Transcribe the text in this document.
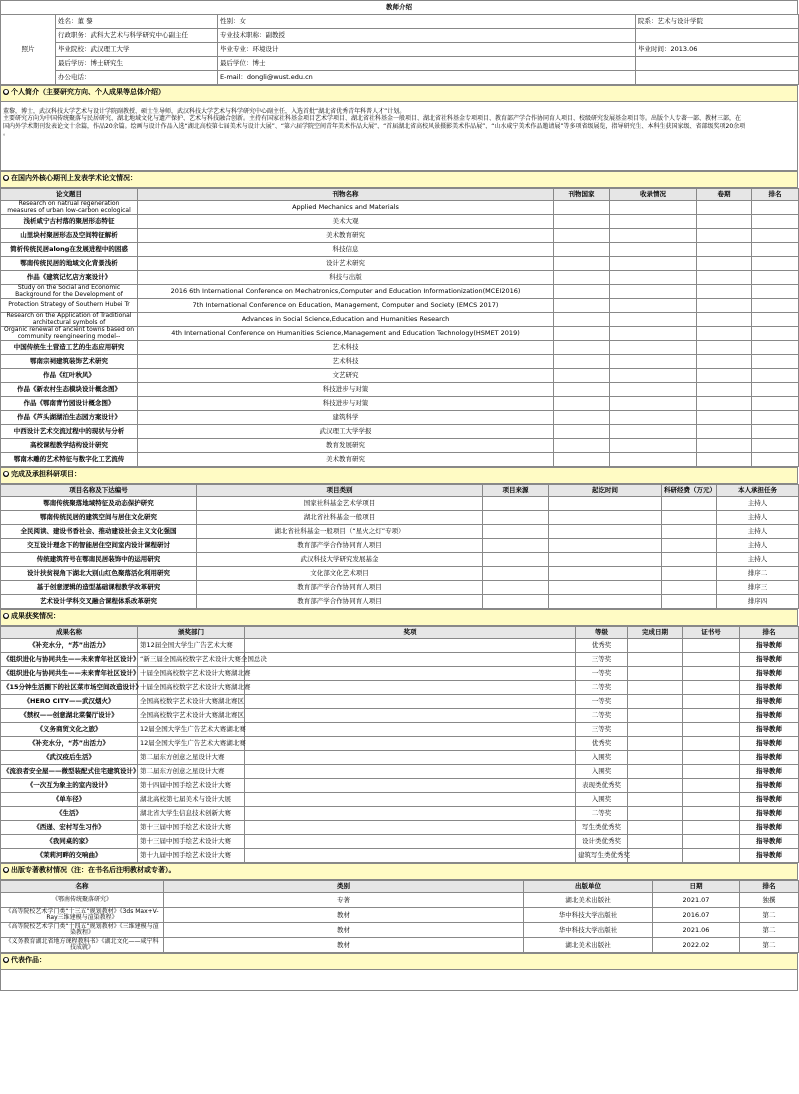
教师介绍
照片	姓名：董 黎	性别：女	院系：艺术与设计学院
	行政职务：武科大艺术与科学研究中心副主任	专业技术职称：副教授	
	毕业院校：武汉理工大学	毕业专业：环境设计	毕业时间：2013.06
	最后学历：博士研究生	最后学位：博士	
	办公电话：	E-mail：dongli@wust.edu.cn	
● 个人简介（主要研究方向、个人成果等总体介绍）

董黎，博士，武汉科技大学艺术与设计学院副教授、硕士生导师，武汉科技大学艺术与科学研究中心副主任，入选首批“湖北省优秀青年科普人才”计划。

主要研究方向为中国传统聚落与民居研究、湖北地域文化与遗产保护、艺术与科技融合创新。主持有国家社科基金项目艺术学项目、湖北省社科基金一般项目、湖北省社科基金专项项目、教育部产学合作协同育人项目、校级研究发展基金项目等。出版个人专著一部、教材三部，在

国内外学术期刊发表论文十余篇，作品20余篇。绘画与设计作品入选“湖北高校第七届美术与设计大展”、“第六届学院空间青年美术作品大展”、“首届湖北省高校风景摄影美术作品展”、“山水咸宁美术作品邀请展”等多项省级展览，指导研究生、本科生获国家级、省部级奖项20余项

。

● 在国内外核心期刊上发表学术论文情况：
论文题目	刊物名称	刊物国家	收录情况	卷期	排名
Research on natrual regeneration measures of urban low-carbon ecological	Applied Mechanics and Materials				
浅析咸宁古村落的聚居形态特征	美术大观				
山里块村聚居形态及空间特征解析	美术教育研究				
简析传统民居along在发展进程中的困惑	科技信息				
鄂南传统民居的地域文化背景浅析	设计艺术研究				
作品《建筑记忆店方案设计》	科技与出版				
Study on the Social and Economic Background for the Development of	2016 6th International Conference on Mechatronics,Computer and Education Informationization(MCEI2016)				
Protection Strategy of Southern Hubei Tr	7th International Conference on Education, Management, Computer and Society (EMCS 2017)				
Research on the Application of Traditional architectural symbols of	Advances in Social Science,Education and Humanities Research				
Organic renewal of ancient towns based on community reengineering model--	4th International Conference on Humanities Science,Management and Education Technology(HSMET 2019)				
中国传统生土营造工艺的生态应用研究	艺术科技				
鄂南宗祠建筑装饰艺术研究	艺术科技				
作品《红叶秋风》	文艺研究				
作品《新农村生态模块设计概念图》	科技进步与对策				
作品《鄂南青竹园设计概念图》	科技进步与对策				
作品《芦头湖湖泊生态园方案设计》	建筑科学				
中西设计艺术交流过程中的现状与分析	武汉理工大学学报				
高校课程教学结构设计研究	教育发展研究				
鄂南木雕的艺术特征与数字化工艺流传	美术教育研究				
● 完成及承担科研项目：
项目名称及下达编号	项目类别	项目来源	起讫时间	科研经费（万元）	本人承担任务
鄂南传统聚落地域特征及动态保护研究	国家社科基金艺术学项目				主持人
鄂南传统民居的建筑空间与居住文化研究	湖北省社科基金一般项目				主持人
全民阅读、建设书香社会、推动建设社会主义文化强国	湖北省社科基金一般项目（“星火之灯”专项）				主持人
交互设计理念下的智能居住空间室内设计课程研讨	教育部产学合作协同育人项目				主持人
传统建筑符号在鄂南民居装饰中的运用研究	武汉科技大学研究发展基金				主持人
设计扶贫视角下湖北大别山红色聚落活化利用研究	文化部文化艺术项目				排序二
基于创意逻辑的造型基础课程教学改革研究	教育部产学合作协同育人项目				排序三
艺术设计学科交叉融合课程体系改革研究	教育部产学合作协同育人项目				排序四
● 成果获奖情况：
成果名称	颁奖部门	奖项	等级	完成日期	证书号	排名
《补充水分，“苏”出活力》	第12届全国大学生广告艺术大赛		优秀奖			指导教师
《组织进化与协同共生——未来青年社区设计》	“新三届全国高校数字艺术设计大赛全国总决		三等奖			指导教师
《组织进化与协同共生——未来青年社区设计》	十届全国高校数字艺术设计大赛湖北赛		一等奖			指导教师
《15分钟生活圈下的社区菜市场空间改造设计》	十届全国高校数字艺术设计大赛湖北赛		二等奖			指导教师
《HERO CITY——武汉烟火》	全国高校数字艺术设计大赛湖北赛区		一等奖			指导教师
《禁权——创意湖北菜餐厅设计》	全国高校数字艺术设计大赛湖北赛区		二等奖			指导教师
《义务商贸文化之旅》	12届全国大学生广告艺术大赛湖北赛		三等奖			指导教师
《补充水分，“苏”出活力》	12届全国大学生广告艺术大赛湖北赛		优秀奖			指导教师
《武汉疫后生活》	第二届东方创意之星设计大赛		入围奖			指导教师
《流浪者安全屋——微型装配式住宅建筑设计》	第二届东方创意之星设计大赛		入围奖			指导教师
《一次互为象主的室内设计》	第十四届中国手绘艺术设计大赛		表现类优秀奖			指导教师
《单车径》	湖北高校第七届美术与设计大展		入围奖			指导教师
《生活》	湖北省大学生信息技术创新大赛		二等奖			指导教师
《西递、宏村写生习作》	第十三届中国手绘艺术设计大赛		写生类优秀奖			指导教师
《我同桌的家》	第十三届中国手绘艺术设计大赛		设计类优秀奖			指导教师
《茉莉河畔的交响曲》	第十九届中国手绘艺术设计大赛		建筑写生类优秀奖			指导教师
● 出版专著教材情况（注：在书名后注明教材或专著）。
名称	类别	出版单位	日期	排名
《鄂南传统聚落研究》	专著	湖北美术出版社	2021.07	独撰
《高等院校艺术学门类“十三五”规划教材》《3ds Max+V-Ray三维建模与渲染教程》	教材	华中科技大学出版社	2016.07	第二
《高等院校艺术学门类“十四五”规划教材》《三维建模与渲染教程》	教材	华中科技大学出版社	2021.06	第二
《义务教育湖北省地方课程教科书》《湖北文化——咸宁科技成就》	教材	湖北美术出版社	2022.02	第二
● 代表作品：
